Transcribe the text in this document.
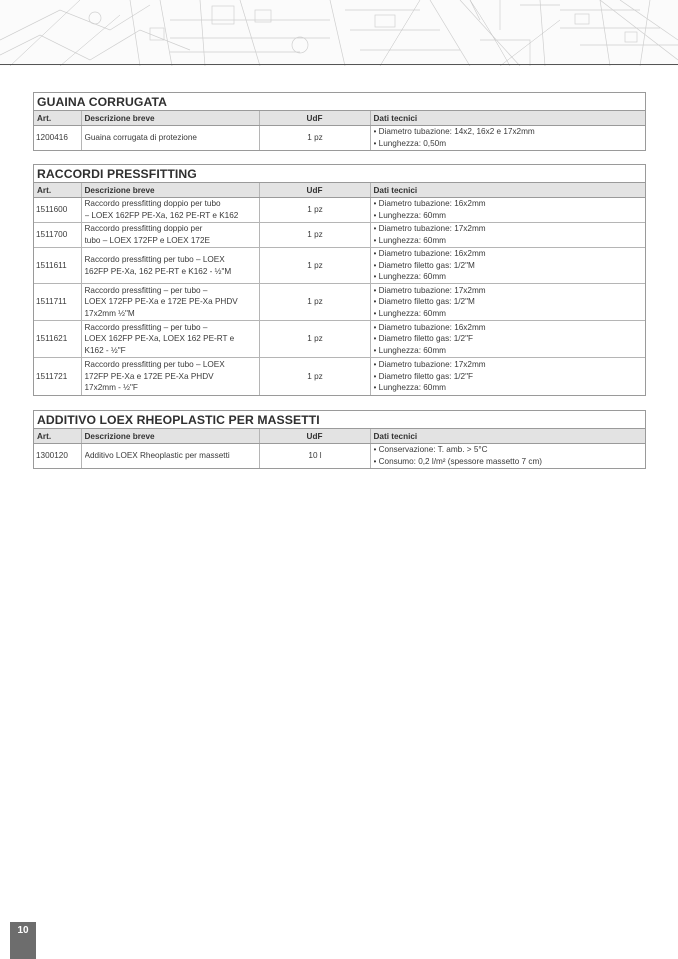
GUAINA CORRUGATA
Art.	Descrizione breve	UdF	Dati tecnici
1200416	Guaina corrugata di protezione	1 pz	• Diametro tubazione: 14x2, 16x2 e 17x2mm
• Lunghezza: 0,50m
RACCORDI PRESSFITTING
Art.	Descrizione breve	UdF	Dati tecnici
1511600	Raccordo pressfitting doppio per tubo
– LOEX 162FP PE-Xa, 162 PE-RT e K162	1 pz	• Diametro tubazione: 16x2mm
• Lunghezza: 60mm

1511700	Raccordo pressfitting doppio per
tubo – LOEX 172FP e LOEX 172E	1 pz	• Diametro tubazione: 17x2mm
• Lunghezza: 60mm

1511611	Raccordo pressfitting per tubo – LOEX
162FP PE-Xa, 162 PE-RT e K162 - ½"M	1 pz	• Diametro tubazione: 16x2mm
• Diametro filetto gas: 1/2"M
• Lunghezza: 60mm

1511711	Raccordo pressfitting – per tubo –
LOEX 172FP PE-Xa e 172E PE-Xa PHDV
17x2mm ½"M	1 pz	• Diametro tubazione: 17x2mm
• Diametro filetto gas: 1/2"M
• Lunghezza: 60mm

1511621	Raccordo pressfitting – per tubo –
LOEX 162FP PE-Xa, LOEX 162 PE-RT e
K162 - ½"F	1 pz	• Diametro tubazione: 16x2mm
• Diametro filetto gas: 1/2"F
• Lunghezza: 60mm

1511721	Raccordo pressfitting per tubo – LOEX
172FP PE-Xa e 172E PE-Xa PHDV
17x2mm - ½"F	1 pz	• Diametro tubazione: 17x2mm
• Diametro filetto gas: 1/2"F
• Lunghezza: 60mm
ADDITIVO LOEX RHEOPLASTIC PER MASSETTI
Art.	Descrizione breve	UdF	Dati tecnici
1300120	Additivo LOEX Rheoplastic per massetti	10 l	• Conservazione: T. amb. > 5°C
• Consumo: 0,2 l/m² (spessore massetto 7 cm)
10
